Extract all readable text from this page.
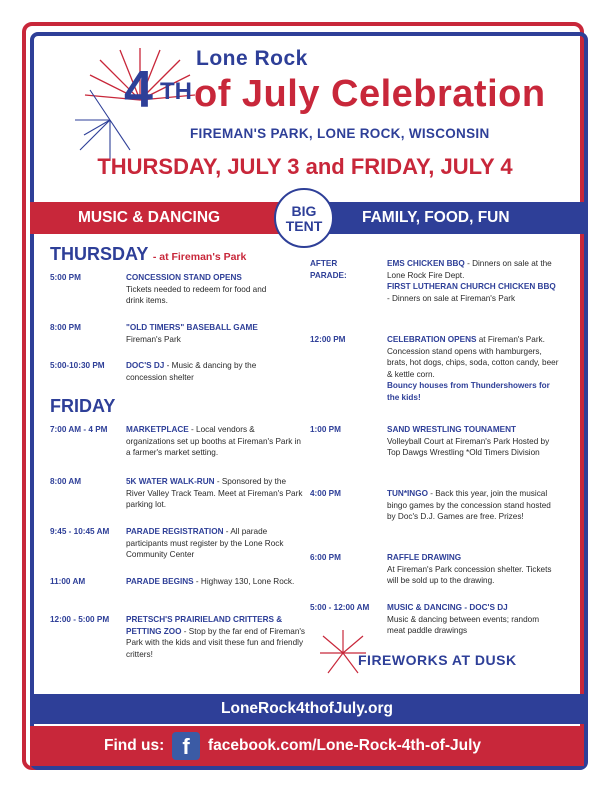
Lone Rock
4 TH of July Celebration
FIREMAN'S PARK, LONE ROCK, WISCONSIN
THURSDAY, JULY 3 and FRIDAY, JULY 4
MUSIC & DANCING	FAMILY, FOOD, FUN
BIG
TENT
THURSDAY - at Fireman's Park
5:00 PM	CONCESSION STAND OPENS
Tickets needed to redeem for food and drink items.
8:00 PM	"OLD TIMERS" BASEBALL GAME
Fireman's Park
5:00-10:30 PM	DOC'S DJ - Music & dancing by the concession shelter
FRIDAY
7:00 AM - 4 PM MARKETPLACE - Local vendors & organizations set up booths at Fireman's Park in a farmer's market setting.
8:00 AM	5K WATER WALK-RUN - Sponsored by the River Valley Track Team. Meet at Fireman's Park parking lot.
9:45 - 10:45 AM PARADE REGISTRATION - All parade participants must register by the Lone Rock Community Center
11:00 AM	PARADE BEGINS - Highway 130, Lone Rock.
12:00 - 5:00 PM PRETSCH'S PRAIRIELAND CRITTERS & PETTING ZOO - Stop by the far end of Fireman's Park with the kids and visit these fun and friendly critters!
AFTER PARADE:
EMS CHICKEN BBQ - Dinners on sale at the Lone Rock Fire Dept.
FIRST LUTHERAN CHURCH CHICKEN BBQ - Dinners on sale at Fireman's Park
12:00 PM	CELEBRATION OPENS at Fireman's Park. Concession stand opens with hamburgers, brats, hot dogs, chips, soda, cotton candy, beer & kettle corn.
Bouncy houses from Thundershowers for the kids!
1:00 PM	SAND WRESTLING TOUNAMENT
Volleyball Court at Fireman's Park Hosted by Top Dawgs Wrestling *Old Timers Division
4:00 PM	TUN*INGO - Back this year, join the musical bingo games by the concession stand hosted by Doc's D.J. Games are free. Prizes!
6:00 PM	RAFFLE DRAWING
At Fireman's Park concession shelter. Tickets will be sold up to the drawing.
5:00 - 12:00 AM MUSIC & DANCING - DOC'S DJ
Music & dancing between events; random meat paddle drawings
FIREWORKS AT DUSK
LoneRock4thofJuly.org
Find us: f	facebook.com/Lone-Rock-4th-of-July
